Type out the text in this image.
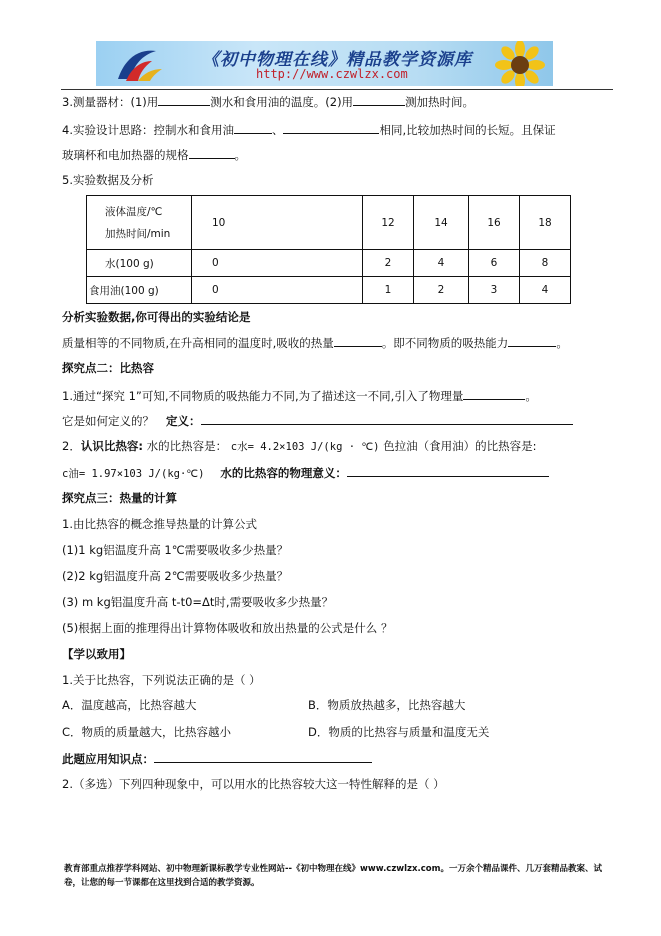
《初中物理在线》精品教学资源库
http://www.czwlzx.com
3.测量器材：(1)用	测水和食用油的温度。(2)用	测加热时间。
4.实验设计思路：控制水和食用油	、	相同,比较加热时间的长短。且保证
玻璃杯和电加热器的规格	。
5.实验数据及分析
液体温度/℃
加热时间/min	10	12	14	16	18
水(100 g)	0	2	4	6	8
食用油(100 g)	0	1	2	3	4
分析实验数据,你可得出的实验结论是
质量相等的不同物质,在升高相同的温度时,吸收的热量	。即不同物质的吸热能力	。
探究点二：比热容
1.通过“探究 1”可知,不同物质的吸热能力不同,为了描述这一不同,引入了物理量	。
它是如何定义的？ 定义：
2．认识比热容: 水的比热容是： c水= 4.2×103 J/(kg · ℃) 色拉油（食用油）的比热容是:
c油= 1.97×103 J/(kg·℃) 水的比热容的物理意义：
探究点三：热量的计算
1.由比热容的概念推导热量的计算公式
(1)1 kg铝温度升高 1℃需要吸收多少热量？
(2)2 kg铝温度升高 2℃需要吸收多少热量？
(3) m kg铝温度升高 t-t0=Δt时,需要吸收多少热量？
(5)根据上面的推理得出计算物体吸收和放出热量的公式是什么 ？
【学以致用】
1.关于比热容，下列说法正确的是（ ）
A．温度越高，比热容越大	B．物质放热越多，比热容越大
C．物质的质量越大，比热容越小	D．物质的比热容与质量和温度无关
此题应用知识点：
2.（多选）下列四种现象中，可以用水的比热容较大这一特性解释的是（ ）
教育部重点推荐学科网站、初中物理新课标教学专业性网站--《初中物理在线》www.czwlzx.com。一万余个精品课件、几万套精品教案、试卷，让您的每一节课都在这里找到合适的教学资源。
